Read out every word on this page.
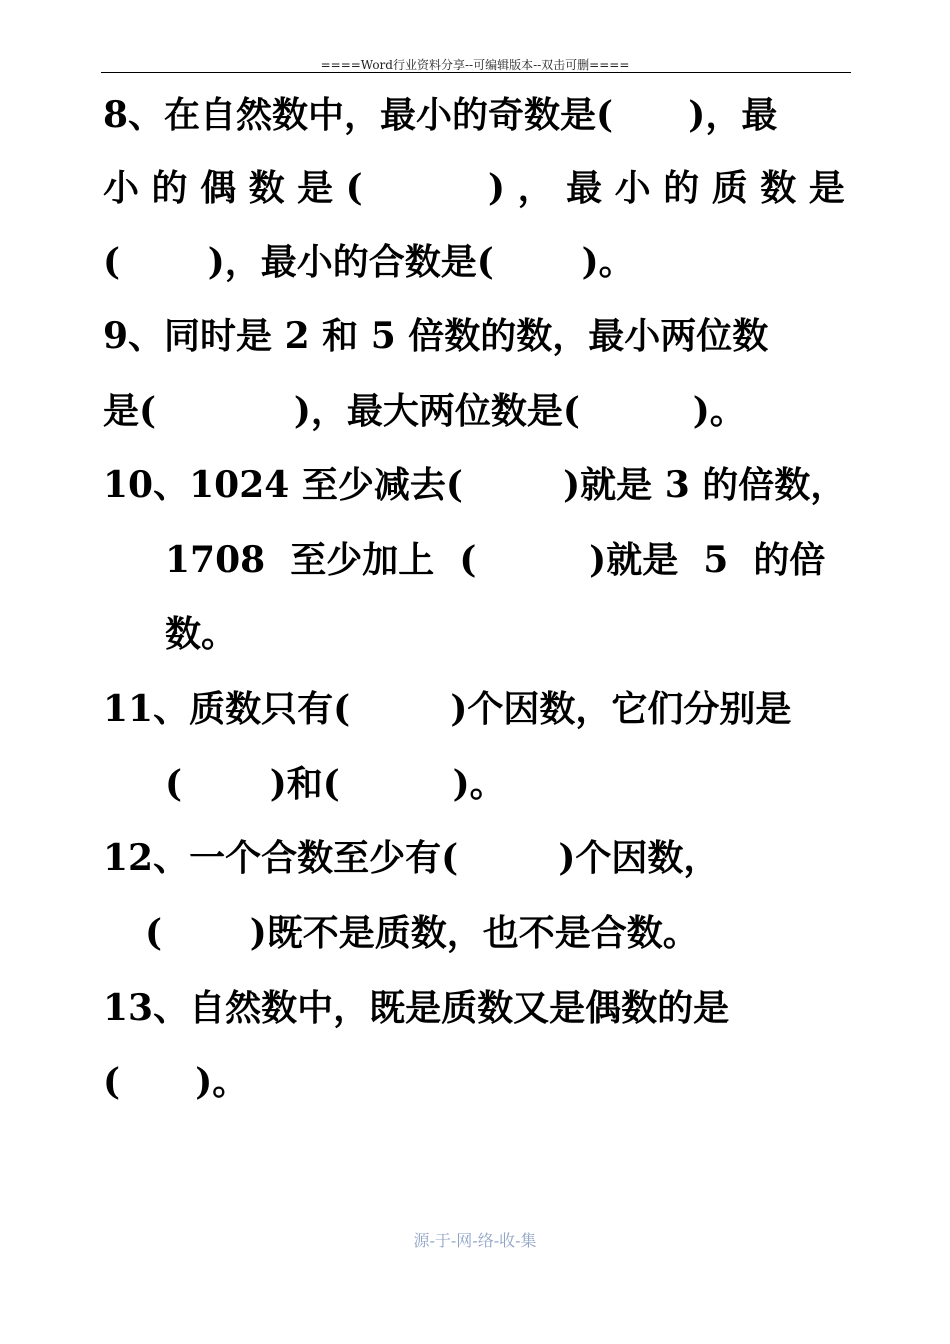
====Word行业资料分享--可编辑版本--双击可删====
8、在自然数中，最小的奇数是(      )，最
小 的 偶 数 是 (          ) ， 最 小 的 质 数 是
(       )，最小的合数是(       )。
9、同时是 2 和 5 倍数的数，最小两位数
是(           )，最大两位数是(         )。
10、1024 至少减去(        )就是 3 的倍数，
1708  至少加上  (         )就是  5  的倍
数。
11、质数只有(        )个因数，它们分别是
(       )和(         )。
12、一个合数至少有(        )个因数，
(       )既不是质数，也不是合数。
13、自然数中，既是质数又是偶数的是
(      )。
源-于-网-络-收-集
